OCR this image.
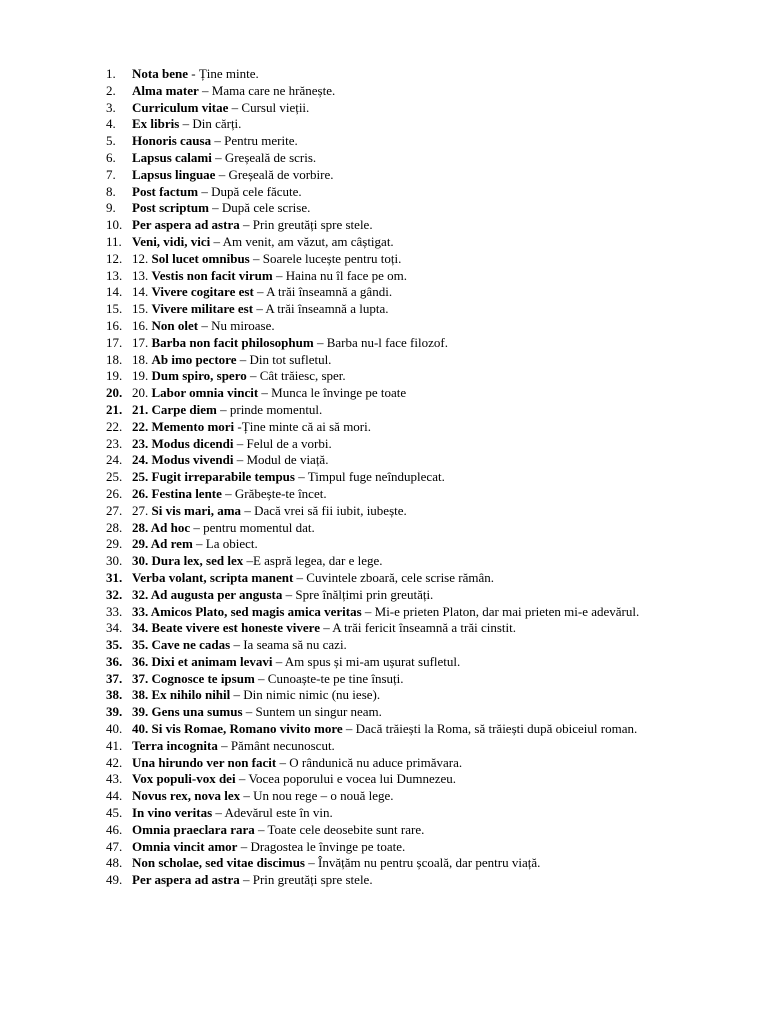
1.	Nota bene - Ține minte.
2.	Alma mater – Mama care ne hrănește.
3.	Curriculum vitae – Cursul vieții.
4.	Ex libris – Din cărți.
5.	Honoris causa – Pentru merite.
6.	Lapsus calami – Greșeală de scris.
7.	Lapsus linguae – Greșeală de vorbire.
8.	Post factum – După cele făcute.
9.	Post scriptum – După cele scrise.
10. Per aspera ad astra – Prin greutăți spre stele.
11. Veni, vidi, vici – Am venit, am văzut, am câștigat.
12. 12. Sol lucet omnibus – Soarele lucește pentru toți.
13. 13. Vestis non facit virum – Haina nu îl face pe om.
14. 14. Vivere cogitare est – A trăi înseamnă a gândi.
15. 15. Vivere militare est – A trăi înseamnă a lupta.
16. 16. Non olet – Nu miroase.
17. 17. Barba non facit philosophum – Barba nu-l face filozof.
18. 18. Ab imo pectore – Din tot sufletul.
19. 19. Dum spiro, spero – Cât trăiesc, sper.
20. 20. Labor omnia vincit – Munca le învinge pe toate
21. 21. Carpe diem – prinde momentul.
22. 22. Memento mori -Ține minte că ai să mori.
23. 23. Modus dicendi – Felul de a vorbi.
24. 24. Modus vivendi – Modul de viață.
25. 25. Fugit irreparabile tempus – Timpul fuge neînduplecat.
26. 26. Festina lente – Grăbește-te încet.
27. 27. Si vis mari, ama – Dacă vrei să fii iubit, iubește.
28. 28. Ad hoc – pentru momentul dat.
29. 29. Ad rem – La obiect.
30. 30. Dura lex, sed lex –E aspră legea, dar e lege.
31. Verba volant, scripta manent – Cuvintele zboară, cele scrise rămân.
32. 32. Ad augusta per angusta – Spre înălțimi prin greutăți.
33. 33. Amicos Plato, sed magis amica veritas – Mi-e prieten Platon, dar mai prieten mi-e adevărul.
34. 34. Beate vivere est honeste vivere – A trăi fericit înseamnă a trăi cinstit.
35. 35. Cave ne cadas – Ia seama să nu cazi.
36. 36. Dixi et animam levavi – Am spus și mi-am ușurat sufletul.
37. 37. Cognosce te ipsum – Cunoaște-te pe tine însuți.
38. 38. Ex nihilo nihil – Din nimic nimic (nu iese).
39. 39. Gens una sumus – Suntem un singur neam.
40. 40. Si vis Romae, Romano vivito more – Dacă trăiești la Roma, să trăiești după obiceiul roman.
41. Terra incognita – Pământ necunoscut.
42. Una hirundo ver non facit – O rândunică nu aduce primăvara.
43. Vox populi-vox dei – Vocea poporului e vocea lui Dumnezeu.
44. Novus rex, nova lex – Un nou rege – o nouă lege.
45. In vino veritas – Adevărul este în vin.
46. Omnia praeclara rara – Toate cele deosebite sunt rare.
47. Omnia vincit amor – Dragostea le învinge pe toate.
48. Non scholae, sed vitae discimus – Învățăm nu pentru școală, dar pentru viață.
49. Per aspera ad astra – Prin greutăți spre stele.
